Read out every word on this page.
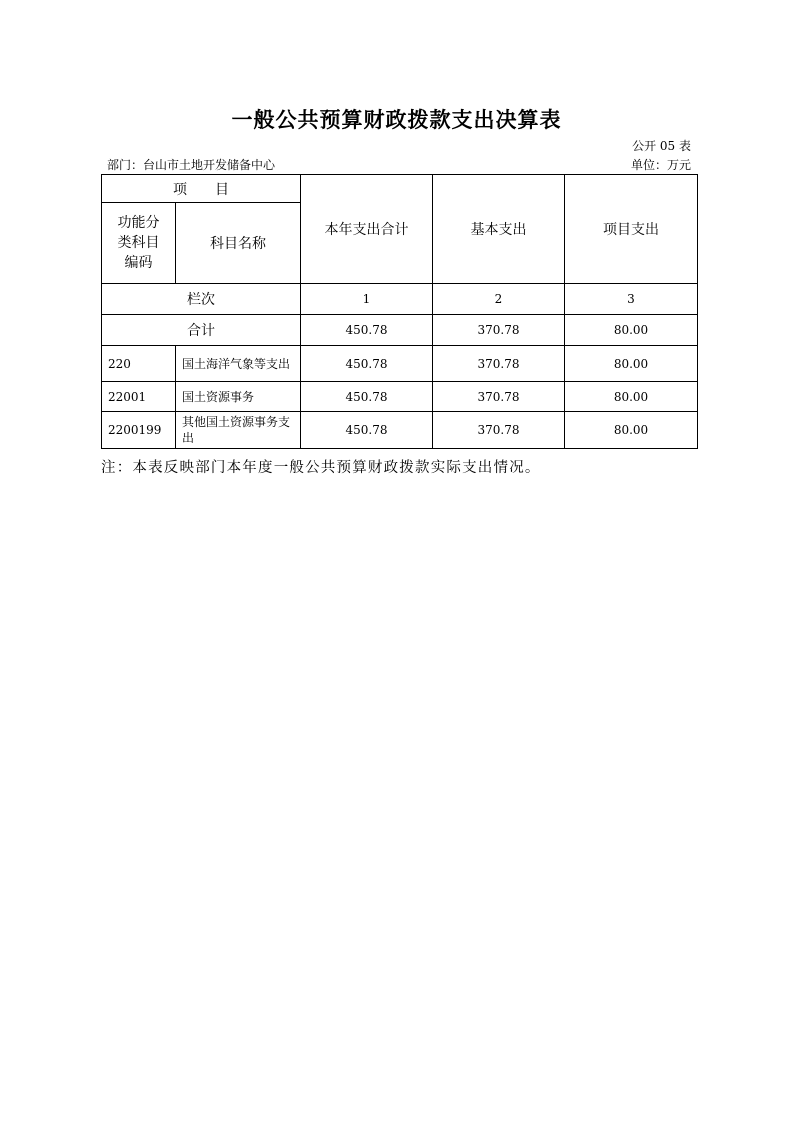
一般公共预算财政拨款支出决算表
公开 05 表
部门：台山市土地开发储备中心	单位：万元
项　　目		本年支出合计	基本支出	项目支出

功能分
类科目
编码	科目名称			
栏次		1	2	3
合计		450.78	370.78	80.00
220	国土海洋气象等支出	450.78	370.78	80.00
22001	国土资源事务	450.78	370.78	80.00
2200199	其他国土资源事务支出	450.78	370.78	80.00
注：本表反映部门本年度一般公共预算财政拨款实际支出情况。
